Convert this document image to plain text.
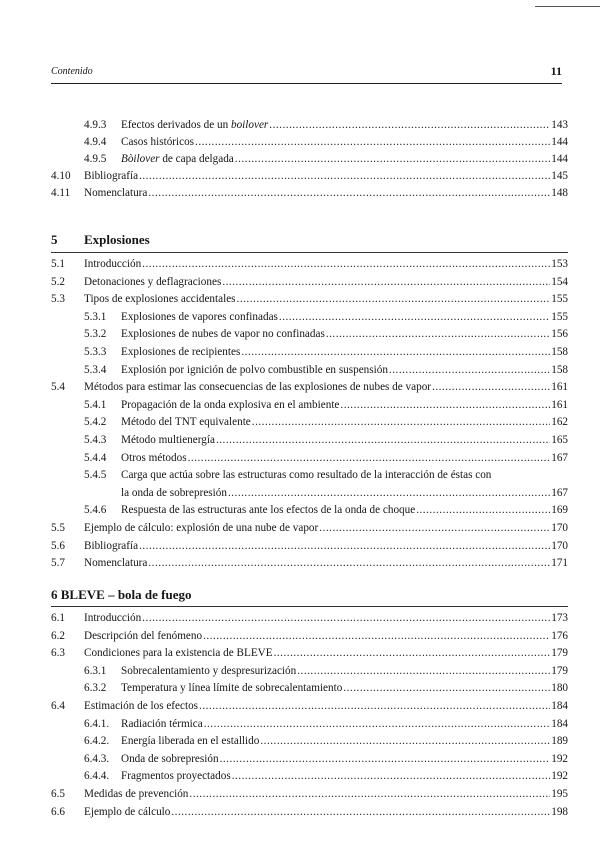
Contenido	11
4.9.3 Efectos derivados de un boilover .....	143
4.9.4 Casos históricos .....	144
4.9.5 Bòilover de capa delgada .....	144
4.10 Bibliografía .....	145
4.11 Nomenclatura .....	148
5 Explosiones
5.1 Introducción .....	153
5.2 Detonaciones y deflagraciones .....	154
5.3 Tipos de explosiones accidentales .....	155
5.3.1 Explosiones de vapores confinadas .....	155
5.3.2 Explosiones de nubes de vapor no confinadas .....	156
5.3.3 Explosiones de recipientes .....	158
5.3.4 Explosión por ignición de polvo combustible en suspensión .....	158
5.4 Métodos para estimar las consecuencias de las explosiones de nubes de vapor .....	161
5.4.1 Propagación de la onda explosiva en el ambiente .....	161
5.4.2 Método del TNT equivalente .....	162
5.4.3 Método multienergía .....	165
5.4.4 Otros métodos .....	167
5.4.5 Carga que actúa sobre las estructuras como resultado de la interacción de éstas con
la onda de sobrepresión .....	167
5.4.6 Respuesta de las estructuras ante los efectos de la onda de choque .....	169
5.5 Ejemplo de cálculo: explosión de una nube de vapor .....	170
5.6 Bibliografía .....	170
5.7 Nomenclatura .....	171
6 BLEVE – bola de fuego
6.1 Introducción .....	173
6.2 Descripción del fenómeno .....	176
6.3 Condiciones para la existencia de BLEVE .....	179
6.3.1 Sobrecalentamiento y despresurización .....	179
6.3.2 Temperatura y línea límite de sobrecalentamiento .....	180
6.4 Estimación de los efectos .....	184
6.4.1. Radiación térmica .....	184
6.4.2. Energía liberada en el estallido .....	189
6.4.3. Onda de sobrepresión .....	192
6.4.4. Fragmentos proyectados .....	192
6.5 Medidas de prevención .....	195
6.6 Ejemplo de cálculo .....	198
